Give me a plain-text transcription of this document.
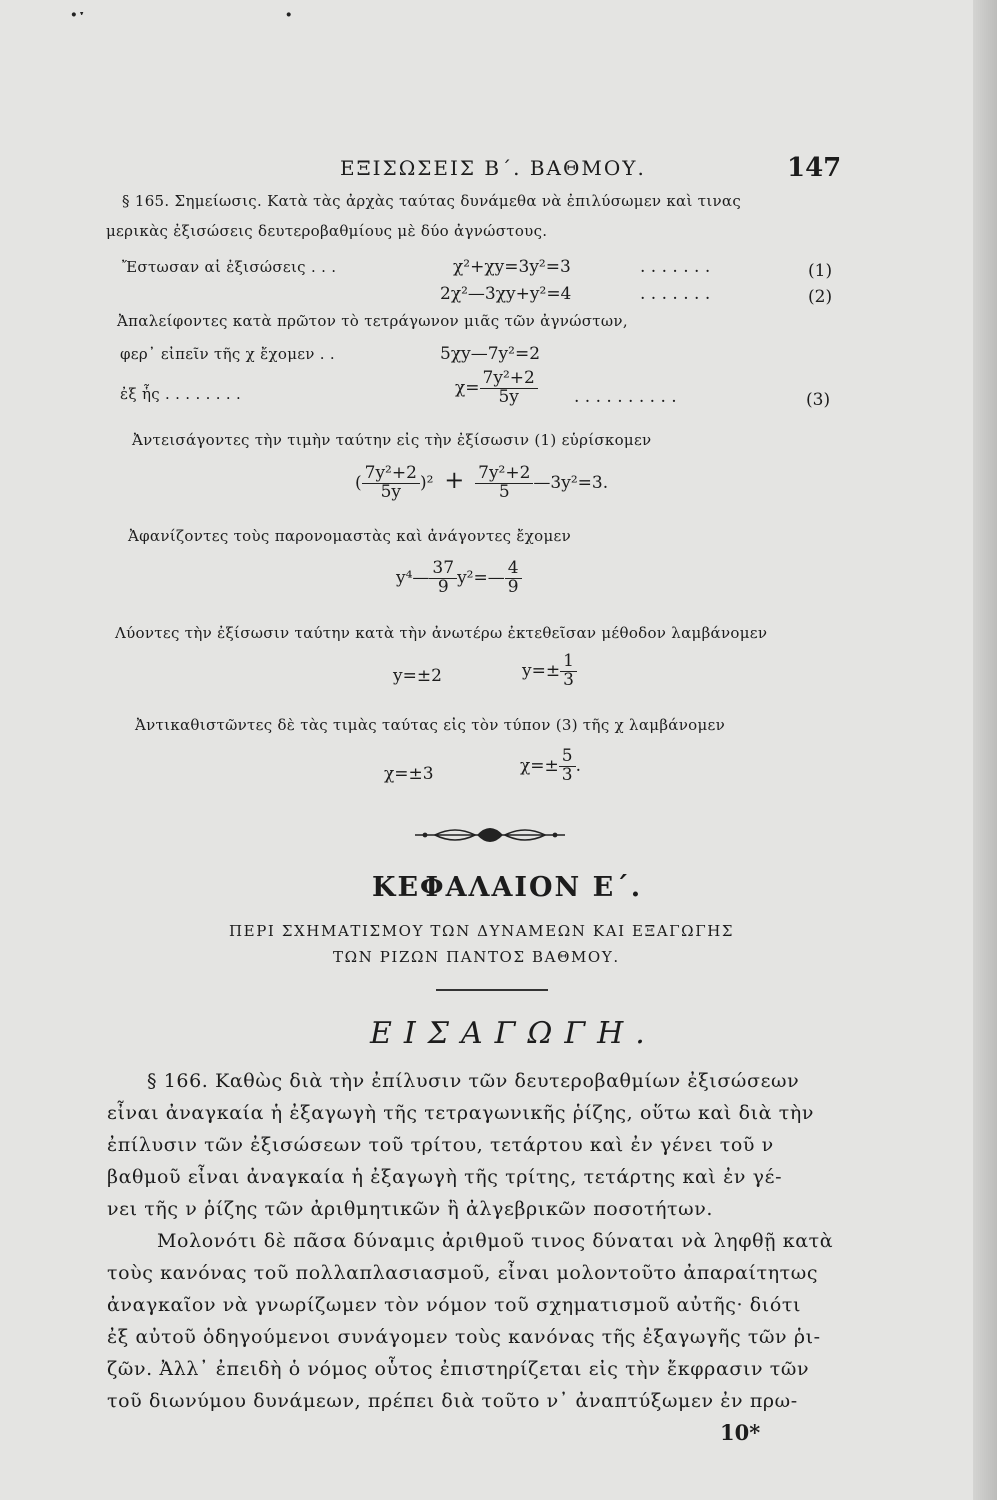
·ˑ                          ·
ΕΞΙΣΩΣΕΙΣ Β΄. ΒΑΘΜΟΥ.	147
§ 165. Σημείωσις. Κατὰ τὰς ἀρχὰς ταύτας δυνάμεθα νὰ ἐπιλύσωμεν καὶ τινας
μερικὰς ἐξισώσεις δευτεροβαθμίους μὲ δύο ἀγνώστους.
Ἔστωσαν αἱ ἐξισώσεις . . .	χ²+χy=3y²=3	. . . . . . .	(1)
2χ²—3χy+y²=4	. . . . . . .	(2)
Ἀπαλείφοντες κατὰ πρῶτον τὸ τετράγωνον μιᾶς τῶν ἀγνώστων,
φερ᾽ εἰπεῖν τῆς χ ἔχομεν . .	5χy—7y²=2
ἐξ ἧς . . . . . . . .	$\chi= \frac{\text{7y²+2}}{5y}$ . . . . . . . . . .	(3)
Ἀντεισάγοντες τὴν τιμὴν ταύτην εἰς τὴν ἐξίσωσιν (1) εὑρίσκομεν
( $\frac{\text{7y²+2}}{5y} )^2 + \frac{\text{7y²+2}}{5}$ —3y²=3.
Ἀφανίζοντες τοὺς παρονομαστὰς καὶ ἀνάγοντες ἔχομεν
y⁴— $\frac{37}{9}$ y²=— $\frac{4}{9}$
Λύοντες τὴν ἐξίσωσιν ταύτην κατὰ τὴν ἀνωτέρω ἐκτεθεῖσαν μέθοδον λαμβάνομεν
y=±2	$y=\pm \frac{1}{3}$
Ἀντικαθιστῶντες δὲ τὰς τιμὰς ταύτας εἰς τὸν τύπον (3) τῆς χ λαμβάνομεν
χ=±3	$\chi=\pm \frac{5}{3}$ .
ΚΕΦΑΛΑΙΟΝ Ε΄.
ΠΕΡΙ ΣΧΗΜΑΤΙΣΜΟΥ ΤΩΝ ΔΥΝΑΜΕΩΝ ΚΑΙ ΕΞΑΓΩΓΗΣ
ΤΩΝ ΡΙΖΩΝ ΠΑΝΤΟΣ ΒΑΘΜΟΥ.
ΕΙΣΑΓΩΓΗ.
§ 166. Καθὼς διὰ τὴν ἐπίλυσιν τῶν δευτεροβαθμίων ἐξισώσεων
εἶναι ἀναγκαία ἡ ἐξαγωγὴ τῆς τετραγωνικῆς ῥίζης, οὕτω καὶ διὰ τὴν
ἐπίλυσιν τῶν ἐξισώσεων τοῦ τρίτου, τετάρτου καὶ ἐν γένει τοῦ ν
βαθμοῦ εἶναι ἀναγκαία ἡ ἐξαγωγὴ τῆς τρίτης, τετάρτης καὶ ἐν γέ-
νει τῆς ν ῥίζης τῶν ἀριθμητικῶν ἢ ἀλγεβρικῶν ποσοτήτων.
Μολονότι δὲ πᾶσα δύναμις ἀριθμοῦ τινος δύναται νὰ ληφθῇ κατὰ
τοὺς κανόνας τοῦ πολλαπλασιασμοῦ, εἶναι μολοντοῦτο ἀπαραίτητως
ἀναγκαῖον νὰ γνωρίζωμεν τὸν νόμον τοῦ σχηματισμοῦ αὐτῆς· διότι
ἐξ αὐτοῦ ὁδηγούμενοι συνάγομεν τοὺς κανόνας τῆς ἐξαγωγῆς τῶν ῥι-
ζῶν. Ἀλλ᾽ ἐπειδὴ ὁ νόμος οὗτος ἐπιστηρίζεται εἰς τὴν ἔκφρασιν τῶν
τοῦ διωνύμου δυνάμεων, πρέπει διὰ τοῦτο ν᾽ ἀναπτύξωμεν ἐν πρω-
10*
